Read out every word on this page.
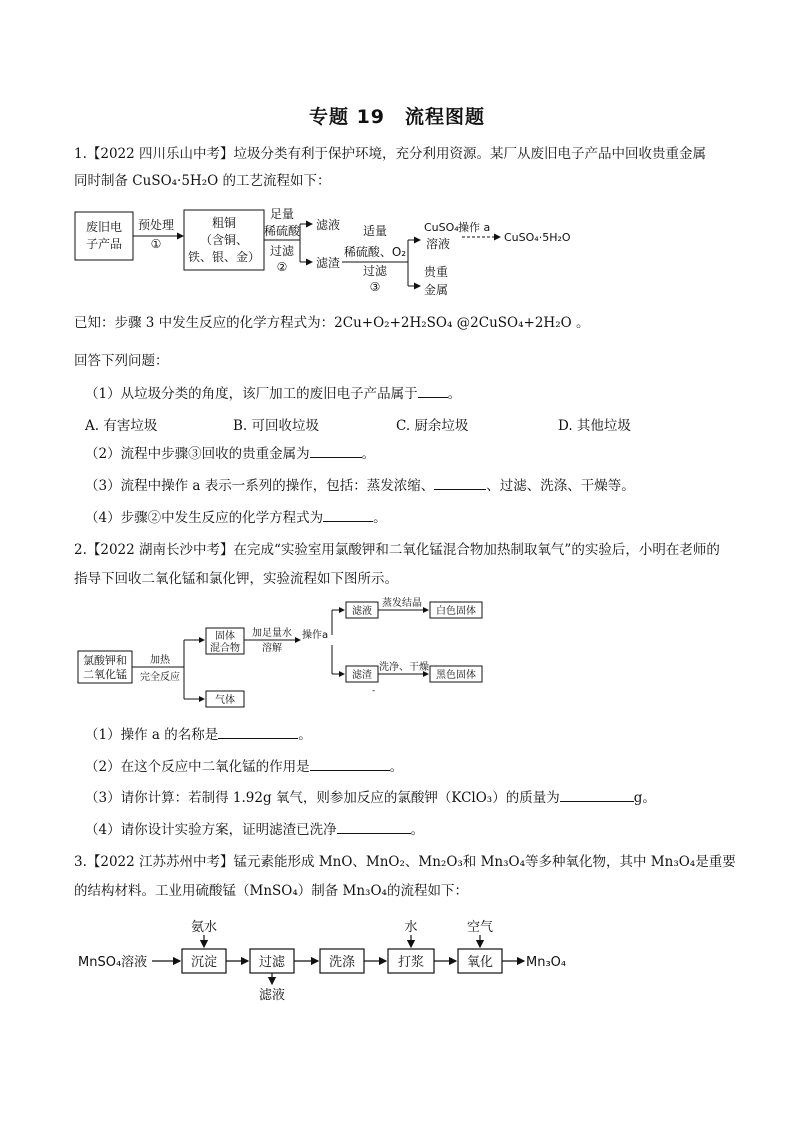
专题 19　流程图题
1.【2022 四川乐山中考】垃圾分类有利于保护环境，充分利用资源。某厂从废旧电子产品中回收贵重金属
同时制备 CuSO₄·5H₂O 的工艺流程如下：
废旧电
子产品
预处理
①
粗铜
（含铜、
铁、银、金）
足量
稀硫酸
过滤
②
滤液
滤渣
适量
稀硫酸、O₂
过滤
③
CuSO₄
溶液
贵重
金属
操作 a
CuSO₄·5H₂O
已知：步骤 3 中发生反应的化学方程式为：2Cu+O₂+2H₂SO₄ @2CuSO₄+2H₂O 。
回答下列问题：
（1）从垃圾分类的角度，该厂加工的废旧电子产品属于 。
A. 有害垃圾	B. 可回收垃圾	C. 厨余垃圾	D. 其他垃圾
（2）流程中步骤③回收的贵重金属为	。
（3）流程中操作 a 表示一系列的操作，包括：蒸发浓缩、	、过滤、洗涤、干燥等。
（4）步骤②中发生反应的化学方程式为	。
2.【2022 湖南长沙中考】在完成“实验室用氯酸钾和二氧化锰混合物加热制取氧气”的实验后，小明在老师的
指导下回收二氧化锰和氯化钾，实验流程如下图所示。
氯酸钾和
二氧化锰
加热
完全反应
固体
混合物
气体
加足量水
溶解
操作a
滤液
滤渣
蒸发结晶
洗净、干燥
白色固体
黑色固体
-
（1）操作 a 的名称是	。
（2）在这个反应中二氧化锰的作用是	。
（3）请你计算：若制得 1.92g 氧气，则参加反应的氯酸钾（KClO₃）的质量为	g。
（4）请你设计实验方案，证明滤渣已洗净	。
3.【2022 江苏苏州中考】锰元素能形成 MnO、MnO₂、Mn₂O₃和 Mn₃O₄等多种氧化物，其中 Mn₃O₄是重要
的结构材料。工业用硫酸锰（MnSO₄）制备 Mn₃O₄的流程如下：
MnSO₄溶液	沉淀
氨水
过滤
滤液
洗涤	打浆
水
氧化
空气
Mn₃O₄
